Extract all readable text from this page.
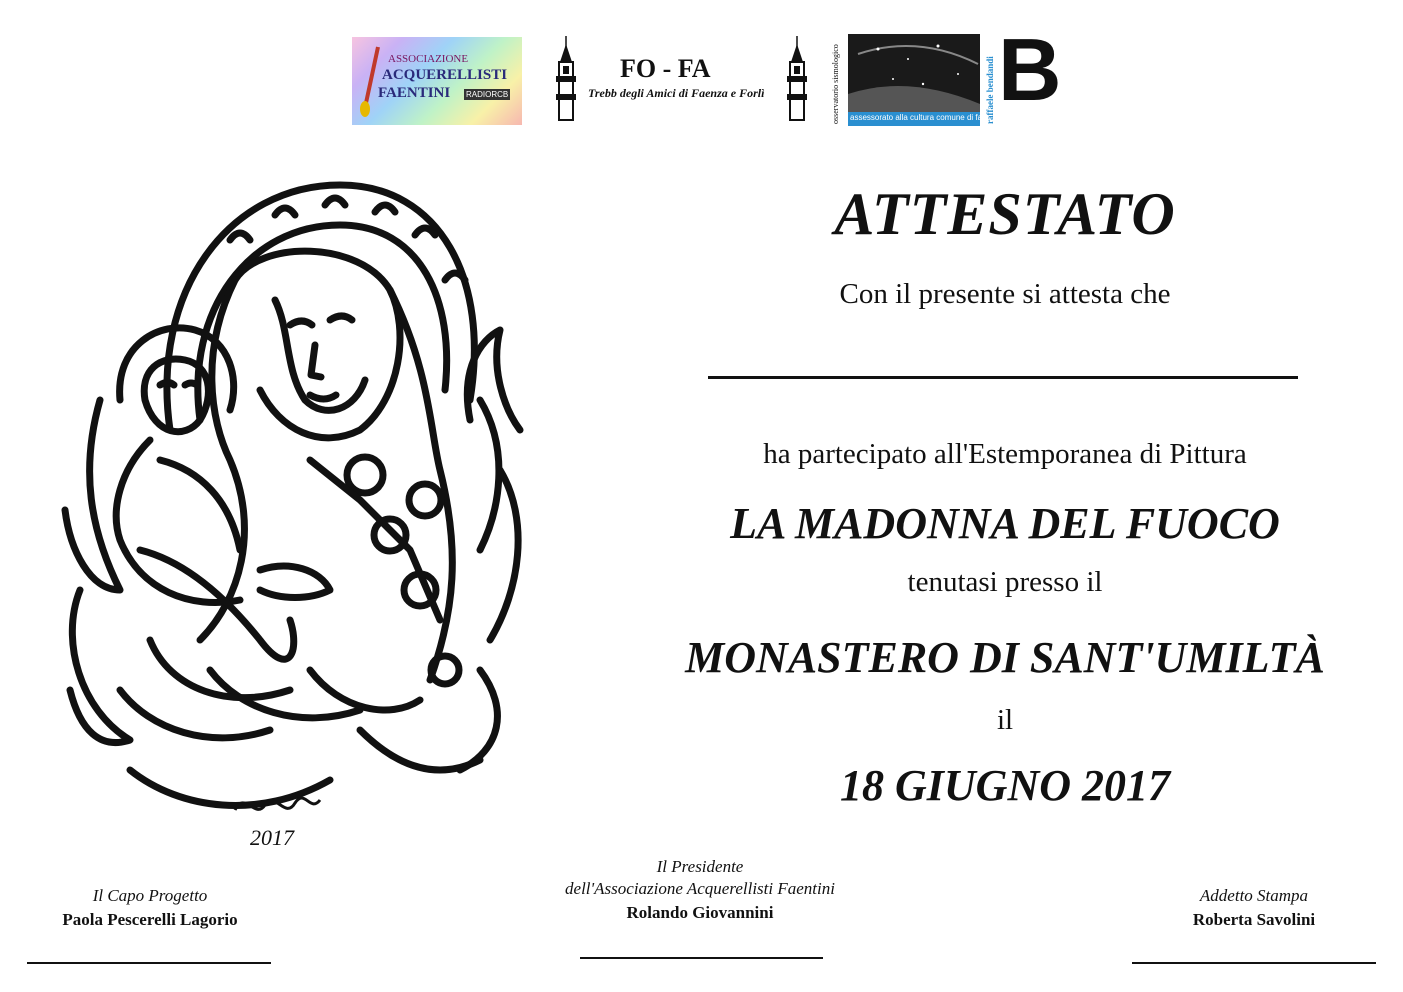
ASSOCIAZIONE
ACQUERELLISTI
FAENTINI RADIORCB
FO - FA
Trebb degli Amici di Faenza e Forlì	osservatorio sismologico assessorato alla cultura comune di faenza
raffaele bendandi B
2017
ATTESTATO
Con il presente si attesta che
ha partecipato all'Estemporanea di Pittura
LA MADONNA DEL FUOCO
tenutasi presso il
MONASTERO DI SANT'UMILTÀ
il
18 GIUGNO 2017
Il Capo Progetto
Paola Pescerelli Lagorio
Il Presidente
dell'Associazione Acquerellisti Faentini
Rolando Giovannini
Addetto Stampa
Roberta Savolini
